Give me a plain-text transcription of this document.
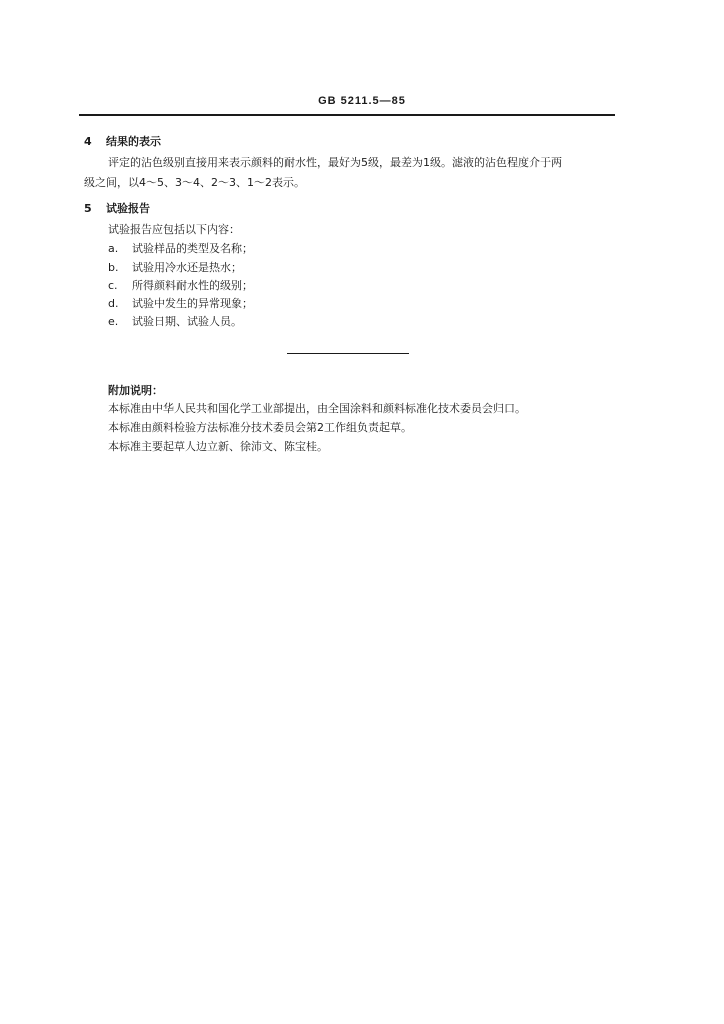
GB 5211.5—85
4 结果的表示
评定的沾色级别直接用来表示颜料的耐水性，最好为5级，最差为1级。滤液的沾色程度介于两
级之间，以4～5、3～4、2～3、1～2表示。
5 试验报告
试验报告应包括以下内容：
a. 试验样品的类型及名称；
b. 试验用冷水还是热水；
c. 所得颜料耐水性的级别；
d. 试验中发生的异常现象；
e. 试验日期、试验人员。
附加说明：
本标准由中华人民共和国化学工业部提出，由全国涂料和颜料标准化技术委员会归口。
本标准由颜料检验方法标准分技术委员会第2工作组负责起草。
本标准主要起草人边立新、徐沛文、陈宝桂。
